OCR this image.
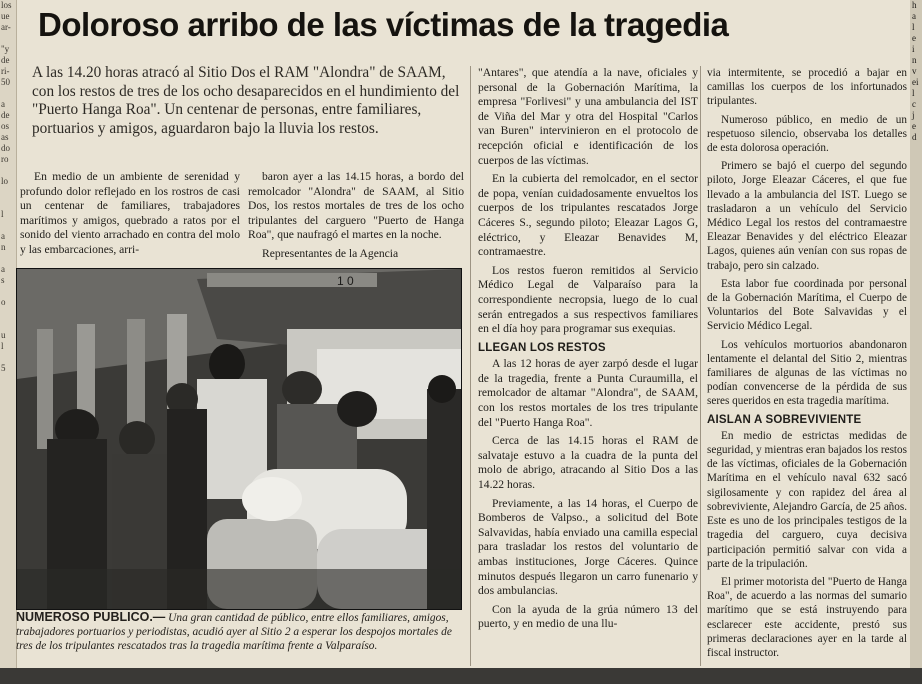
los
ue
ar-

"y
de
ri-
50

a
de
os
as
do
ro

lo

l

a
n

a
s

o

u
l

5
Doloroso arribo de las víctimas de la tragedia
A las 14.20 horas atracó al Sitio Dos el RAM "Alondra" de SAAM, con los restos de tres de los ocho desaparecidos en el hundimiento del "Puerto Hanga Roa". Un centenar de personas, entre familiares, portuarios y amigos, aguardaron bajo la lluvia los restos.

En medio de un ambiente de serenidad y profundo dolor reflejado en los rostros de casi un centenar de familiares, trabajadores marítimos y amigos, quebrado a ratos por el sonido del viento arrachado en contra del molo y las embarcaciones, arri-

baron ayer a las 14.15 horas, a bordo del remolcador "Alondra" de SAAM, al Sitio Dos, los restos mortales de tres de los ocho tripulantes del carguero "Puerto de Hanga Roa", que naufragó el martes en la noche.

Representantes de la Agencia

1 0
NUMEROSO PUBLICO.— Una gran cantidad de público, entre ellos familiares, amigos, trabajadores portuarios y periodistas, acudió ayer al Sitio 2 a esperar los despojos mortales de tres de los tripulantes rescatados tras la tragedia marítima frente a Valparaíso.

"Antares", que atendía a la nave, oficiales y personal de la Gobernación Marítima, la empresa "Forlivesi" y una ambulancia del IST de Viña del Mar y otra del Hospital "Carlos van Buren" intervinieron en el protocolo de recepción oficial e identificación de los cuerpos de las víctimas.

En la cubierta del remolcador, en el sector de popa, venían cuidadosamente envueltos los cuerpos de los tripulantes rescatados Jorge Cáceres S., segundo piloto; Eleazar Lagos G, eléctrico, y Eleazar Benavides M, contramaestre.

Los restos fueron remitidos al Servicio Médico Legal de Valparaíso para la correspondiente necropsia, luego de lo cual serán entregados a sus respectivos familiares en el día hoy para programar sus exequias.

LLEGAN LOS RESTOS

A las 12 horas de ayer zarpó desde el lugar de la tragedia, frente a Punta Curaumilla, el remolcador de altamar "Alondra", de SAAM, con los restos mortales de los tres tripulante del "Puerto Hanga Roa".

Cerca de las 14.15 horas el RAM de salvataje estuvo a la cuadra de la punta del molo de abrigo, atracando al Sitio Dos a las 14.22 horas.

Previamente, a las 14 horas, el Cuerpo de Bomberos de Valpso., a solicitud del Bote Salvavidas, había enviado una camilla especial para trasladar los restos del voluntario de ambas instituciones, Jorge Cáceres. Quince minutos después llegaron un carro funenario y dos ambulancias.

Con la ayuda de la grúa número 13 del puerto, y en medio de una llu-

via intermitente, se procedió a bajar en camillas los cuerpos de los infortunados tripulantes.

Numeroso público, en medio de un respetuoso silencio, observaba los detalles de esta dolorosa operación.

Primero se bajó el cuerpo del segundo piloto, Jorge Eleazar Cáceres, el que fue llevado a la ambulancia del IST. Luego se trasladaron a un vehículo del Servicio Médico Legal los restos del contramaestre Eleazar Benavides y del eléctrico Eleazar Lagos, quienes aún venían con sus ropas de trabajo, pero sin calzado.

Esta labor fue coordinada por personal de la Gobernación Marítima, el Cuerpo de Voluntarios del Bote Salvavidas y el Servicio Médico Legal.

Los vehículos mortuorios abandonaron lentamente el delantal del Sitio 2, mientras familiares de algunas de las víctimas no podían convencerse de la pérdida de sus seres queridos en esta tragedia marítima.

AISLAN A SOBREVIVIENTE

En medio de estrictas medidas de seguridad, y mientras eran bajados los restos de las víctimas, oficiales de la Gobernación Marítima en el vehículo naval 632 sacó sigilosamente y con rapidez del área al sobreviviente, Alejandro García, de 25 años. Este es uno de los principales testigos de la tragedia del carguero, cuya decisiva participación permitió salvar con vida a parte de la tripulación.

El primer motorista del "Puerto de Hanga Roa", de acuerdo a las normas del sumario marítimo que se está instruyendo para esclarecer este accidente, prestó sus primeras declaraciones ayer en la tarde al fiscal instructor.

h
a
l
e
i
n
v
ei
l
c
j
e
d
